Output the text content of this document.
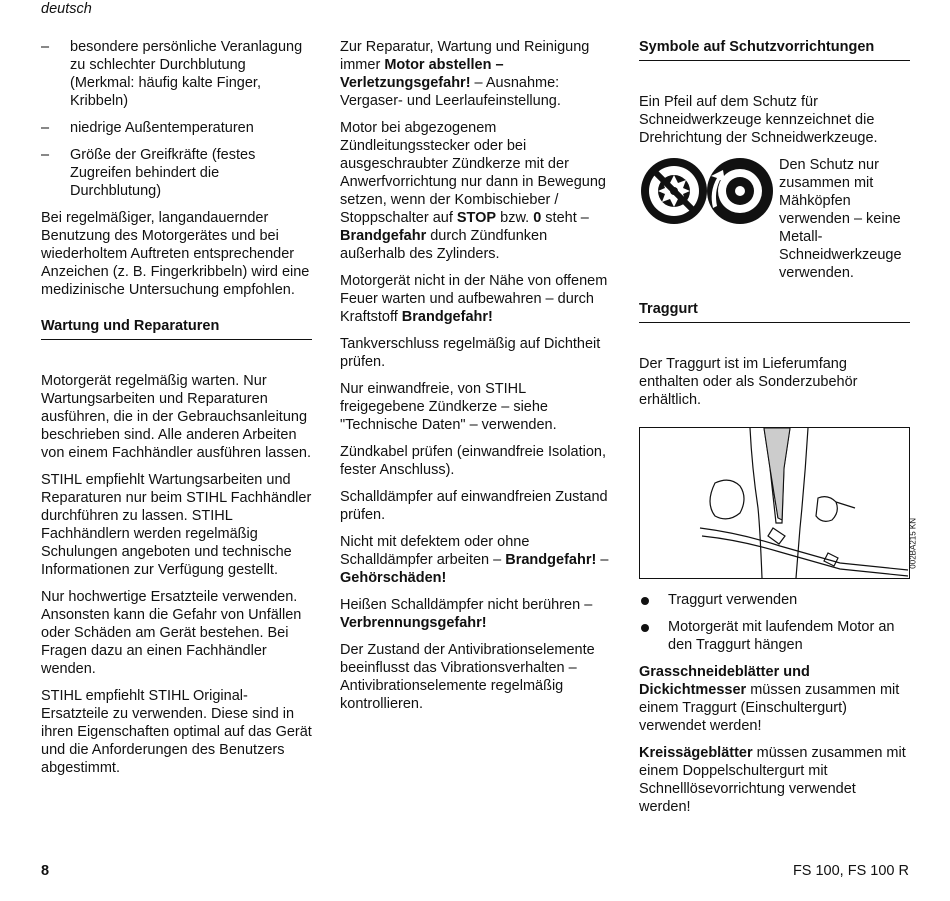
deutsch
– besondere persönliche Veranlagung zu schlechter Durchblutung (Merkmal: häufig kalte Finger, Kribbeln)
– niedrige Außentemperaturen
– Größe der Greifkräfte (festes Zugreifen behindert die Durchblutung)

Bei regelmäßiger, langandauernder Benutzung des Motorgerätes und bei wiederholtem Auftreten entsprechender Anzeichen (z. B. Fingerkribbeln) wird eine medizinische Untersuchung empfohlen.

Wartung und Reparaturen

Motorgerät regelmäßig warten. Nur Wartungsarbeiten und Reparaturen ausführen, die in der Gebrauchsanleitung beschrieben sind. Alle anderen Arbeiten von einem Fachhändler ausführen lassen.

STIHL empfiehlt Wartungsarbeiten und Reparaturen nur beim STIHL Fachhändler durchführen zu lassen. STIHL Fachhändlern werden regelmäßig Schulungen angeboten und technische Informationen zur Verfügung gestellt.

Nur hochwertige Ersatzteile verwenden. Ansonsten kann die Gefahr von Unfällen oder Schäden am Gerät bestehen. Bei Fragen dazu an einen Fachhändler wenden.

STIHL empfiehlt STIHL Original-Ersatzteile zu verwenden. Diese sind in ihren Eigenschaften optimal auf das Gerät und die Anforderungen des Benutzers abgestimmt.

Zur Reparatur, Wartung und Reinigung immer Motor abstellen – Verletzungsgefahr! – Ausnahme: Vergaser- und Leerlaufeinstellung.

Motor bei abgezogenem Zündleitungsstecker oder bei ausgeschraubter Zündkerze mit der Anwerfvorrichtung nur dann in Bewegung setzen, wenn der Kombischieber / Stoppschalter auf STOP bzw. 0 steht – Brandgefahr durch Zündfunken außerhalb des Zylinders.

Motorgerät nicht in der Nähe von offenem Feuer warten und aufbewahren – durch Kraftstoff Brandgefahr!

Tankverschluss regelmäßig auf Dichtheit prüfen.

Nur einwandfreie, von STIHL freigegebene Zündkerze – siehe "Technische Daten" – verwenden.

Zündkabel prüfen (einwandfreie Isolation, fester Anschluss).

Schalldämpfer auf einwandfreien Zustand prüfen.

Nicht mit defektem oder ohne Schalldämpfer arbeiten – Brandgefahr! – Gehörschäden!

Heißen Schalldämpfer nicht berühren – Verbrennungsgefahr!

Der Zustand der Antivibrationselemente beeinflusst das Vibrationsverhalten – Antivibrationselemente regelmäßig kontrollieren.

Symbole auf Schutzvorrichtungen

Ein Pfeil auf dem Schutz für Schneidwerkzeuge kennzeichnet die Drehrichtung der Schneidwerkzeuge.

Den Schutz nur zusammen mit Mähköpfen verwenden – keine Metall-Schneidwerkzeuge verwenden.
Traggurt

Der Traggurt ist im Lieferumfang enthalten oder als Sonderzubehör erhältlich.

002BA215 KN
Traggurt verwenden
Motorgerät mit laufendem Motor an den Traggurt hängen

Grasschneideblätter und Dickichtmesser müssen zusammen mit einem Traggurt (Einschultergurt) verwendet werden!

Kreissägeblätter müssen zusammen mit einem Doppelschultergurt mit Schnelllösevorrichtung verwendet werden!

8	FS 100, FS 100 R
